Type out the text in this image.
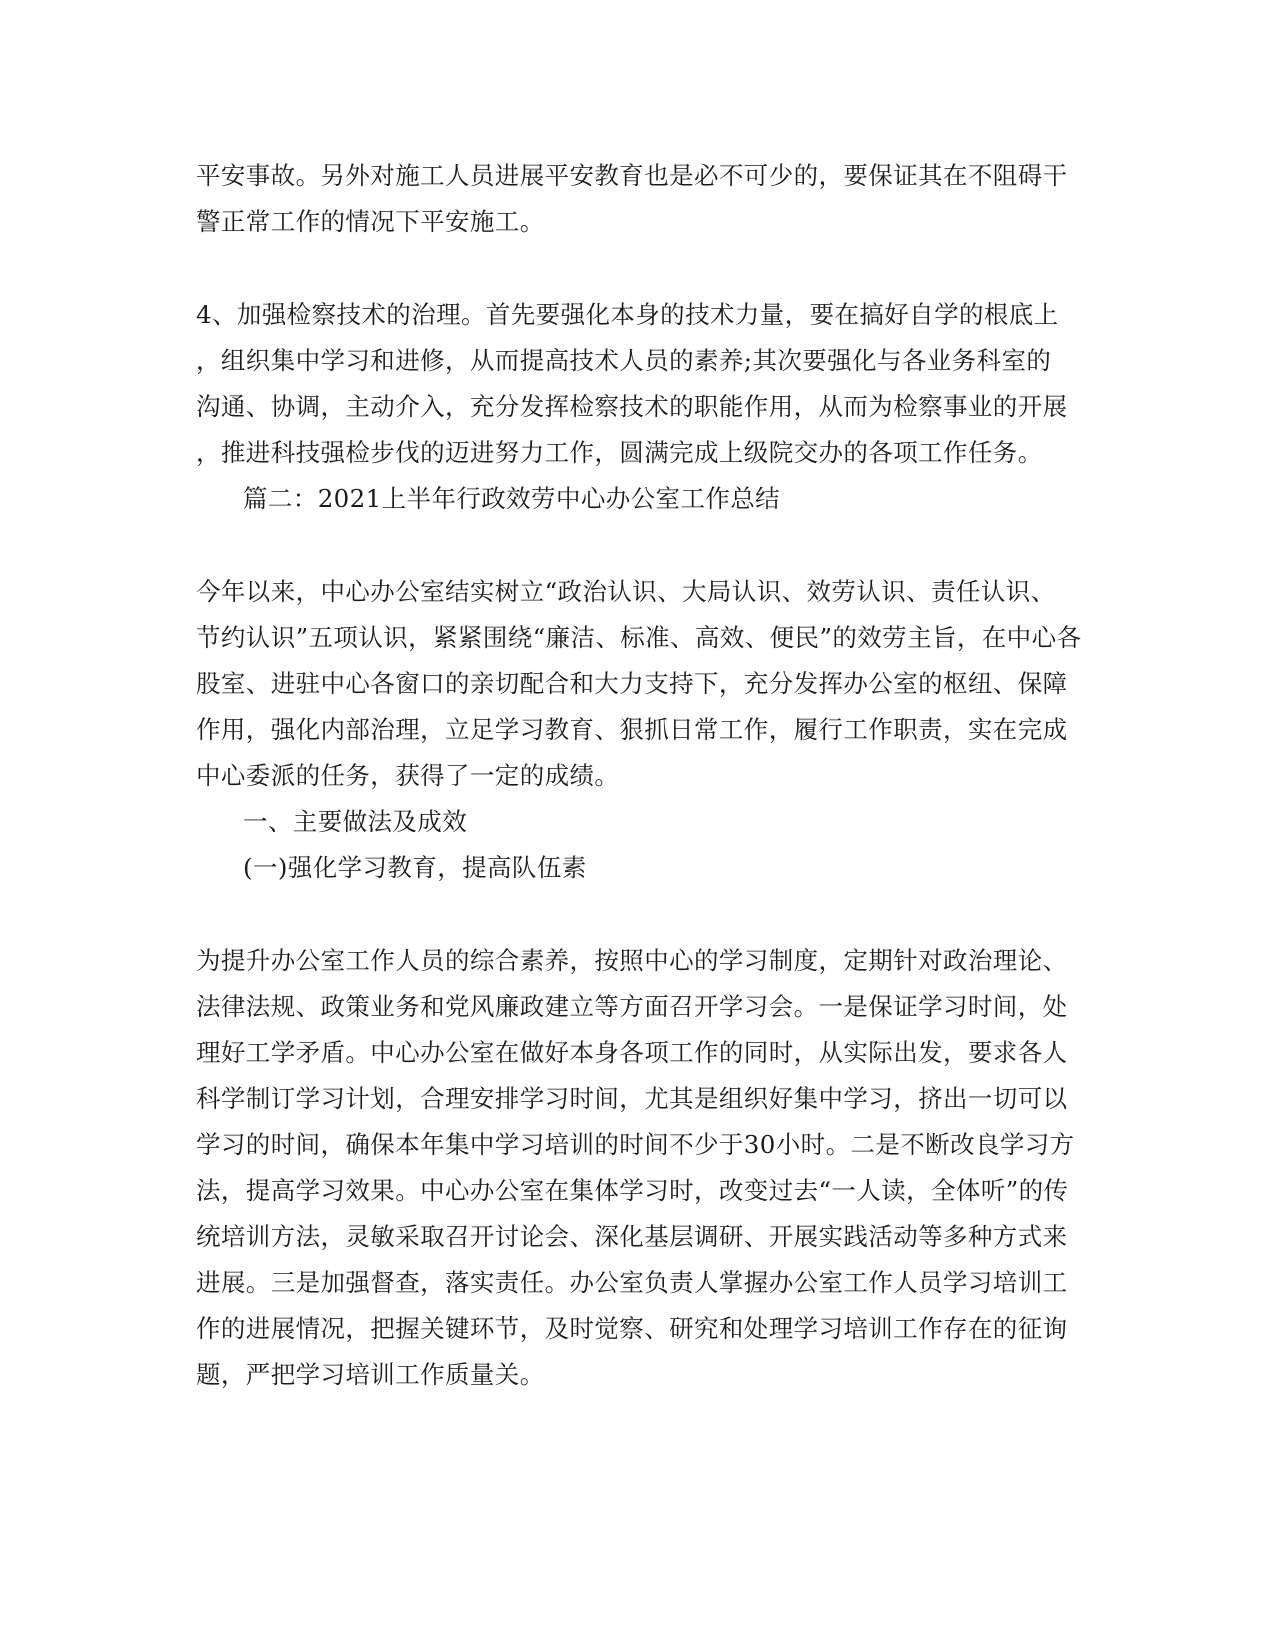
平安事故。另外对施工人员进展平安教育也是必不可少的，要保证其在不阻碍干
警正常工作的情况下平安施工。
4、加强检察技术的治理。首先要强化本身的技术力量，要在搞好自学的根底上
，组织集中学习和进修，从而提高技术人员的素养;其次要强化与各业务科室的
沟通、协调，主动介入，充分发挥检察技术的职能作用，从而为检察事业的开展
，推进科技强检步伐的迈进努力工作，圆满完成上级院交办的各项工作任务。
篇二：2021上半年行政效劳中心办公室工作总结
今年以来，中心办公室结实树立“政治认识、大局认识、效劳认识、责任认识、
节约认识”五项认识，紧紧围绕“廉洁、标准、高效、便民”的效劳主旨，在中心各
股室、进驻中心各窗口的亲切配合和大力支持下，充分发挥办公室的枢纽、保障
作用，强化内部治理，立足学习教育、狠抓日常工作，履行工作职责，实在完成
中心委派的任务，获得了一定的成绩。
一、主要做法及成效
(一)强化学习教育，提高队伍素
为提升办公室工作人员的综合素养，按照中心的学习制度，定期针对政治理论、
法律法规、政策业务和党风廉政建立等方面召开学习会。一是保证学习时间，处
理好工学矛盾。中心办公室在做好本身各项工作的同时，从实际出发，要求各人
科学制订学习计划，合理安排学习时间，尤其是组织好集中学习，挤出一切可以
学习的时间，确保本年集中学习培训的时间不少于30小时。二是不断改良学习方
法，提高学习效果。中心办公室在集体学习时，改变过去“一人读，全体听”的传
统培训方法，灵敏采取召开讨论会、深化基层调研、开展实践活动等多种方式来
进展。三是加强督查，落实责任。办公室负责人掌握办公室工作人员学习培训工
作的进展情况，把握关键环节，及时觉察、研究和处理学习培训工作存在的征询
题，严把学习培训工作质量关。
